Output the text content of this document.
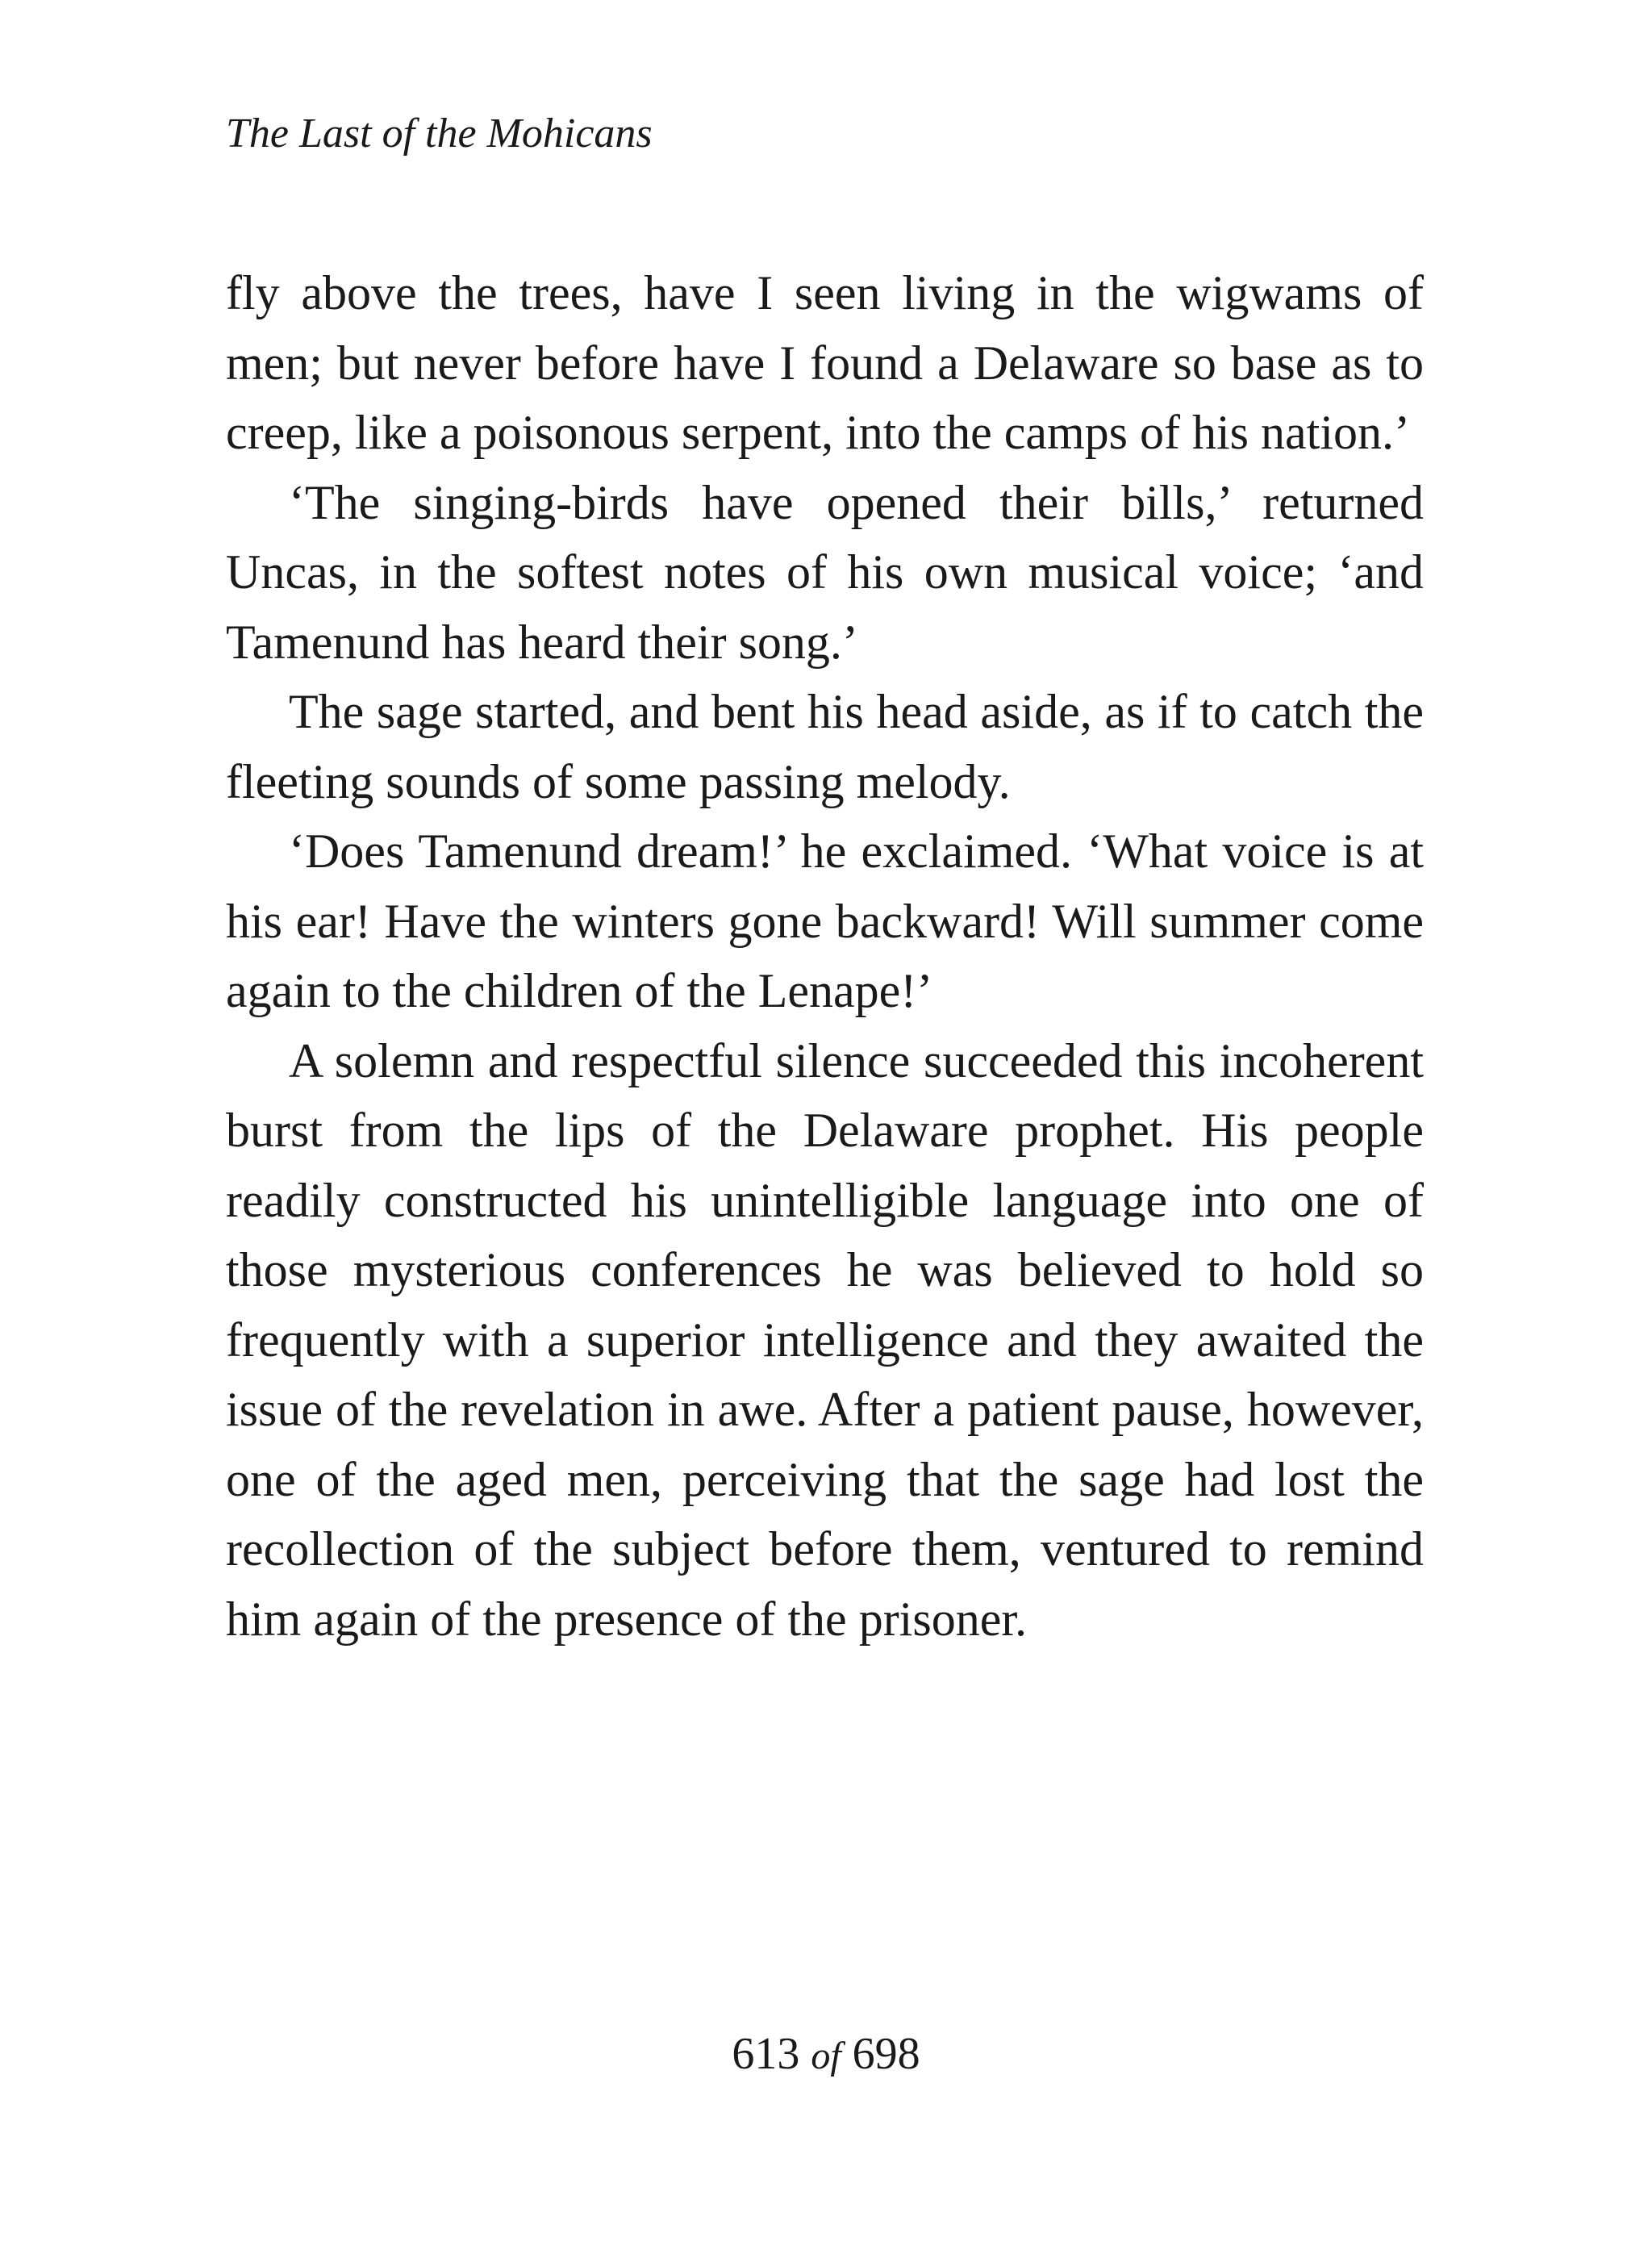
The Last of the Mohicans

fly above the trees, have I seen living in the wigwams of men; but never before have I found a Delaware so base as to creep, like a poisonous serpent, into the camps of his nation.’

‘The singing-birds have opened their bills,’ returned Uncas, in the softest notes of his own musical voice; ‘and Tamenund has heard their song.’

The sage started, and bent his head aside, as if to catch the fleeting sounds of some passing melody.

‘Does Tamenund dream!’ he exclaimed. ‘What voice is at his ear! Have the winters gone backward! Will summer come again to the children of the Lenape!’

A solemn and respectful silence succeeded this incoherent burst from the lips of the Delaware prophet. His people readily constructed his unintelligible language into one of those mysterious conferences he was believed to hold so frequently with a superior intelligence and they awaited the issue of the revelation in awe. After a patient pause, however, one of the aged men, perceiving that the sage had lost the recollection of the subject before them, ventured to remind him again of the presence of the prisoner.

613 of 698
